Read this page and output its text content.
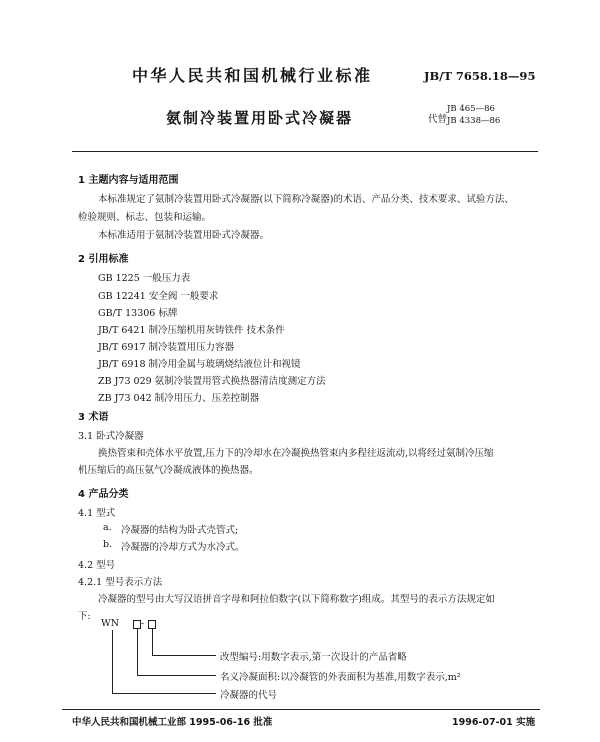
中华人民共和国机械行业标准	JB/T 7658.18—95
氨制冷装置用卧式冷凝器	代替
JB 465—86
JB 4338—86
1 主题内容与适用范围
本标准规定了氨制冷装置用卧式冷凝器(以下简称冷凝器)的术语、产品分类、技术要求、试验方法、
检验规则、标志、包装和运输。
本标准适用于氨制冷装置用卧式冷凝器。
2 引用标准
GB 1225 一般压力表
GB 12241 安全阀 一般要求
GB/T 13306 标牌
JB/T 6421 制冷压缩机用灰铸铁件 技术条件
JB/T 6917 制冷装置用压力容器
JB/T 6918 制冷用金属与玻璃烧结液位计和视镜
ZB J73 029 氨制冷装置用管式换热器清洁度测定方法
ZB J73 042 制冷用压力、压差控制器
3 术语
3.1 卧式冷凝器
换热管束和壳体水平放置,压力下的冷却水在冷凝换热管束内多程往返流动,以将经过氨制冷压缩
机压缩后的高压氨气冷凝成液体的换热器。
4 产品分类
4.1 型式
a. 冷凝器的结构为卧式壳管式;
b. 冷凝器的冷却方式为水冷式。
4.2 型号
4.2.1 型号表示方法
冷凝器的型号由大写汉语拼音字母和阿拉伯数字(以下简称数字)组成。其型号的表示方法规定如
下:
WN -
改型编号:用数字表示,第一次设计的产品省略
名义冷凝面积:以冷凝管的外表面积为基准,用数字表示,m²
冷凝器的代号
中华人民共和国机械工业部 1995-06-16 批准	1996-07-01 实施
